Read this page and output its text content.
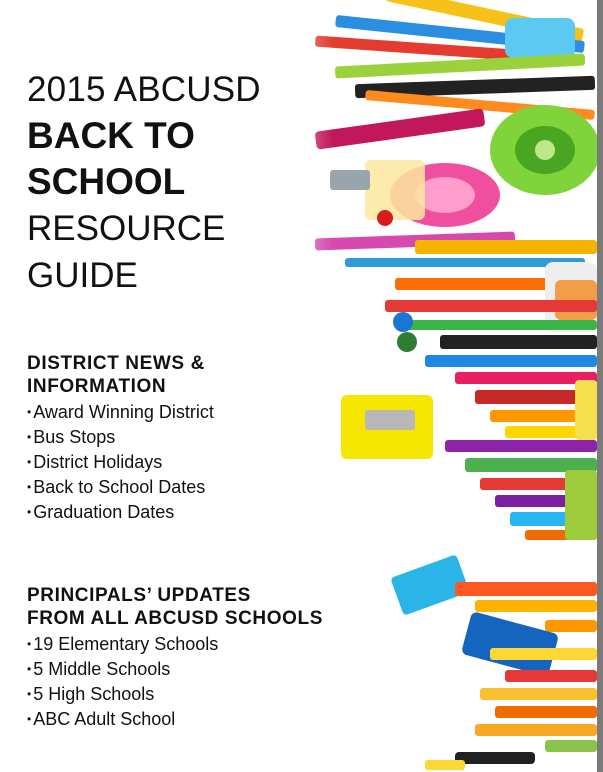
2015 ABCUSD
BACK TO
SCHOOL
RESOURCE
GUIDE
DISTRICT NEWS &
INFORMATION
• Award Winning District
• Bus Stops
• District Holidays
• Back to School Dates
• Graduation Dates
PRINCIPALS’ UPDATES
FROM ALL ABCUSD SCHOOLS
• 19 Elementary Schools
• 5 Middle Schools
• 5 High Schools
• ABC Adult School
